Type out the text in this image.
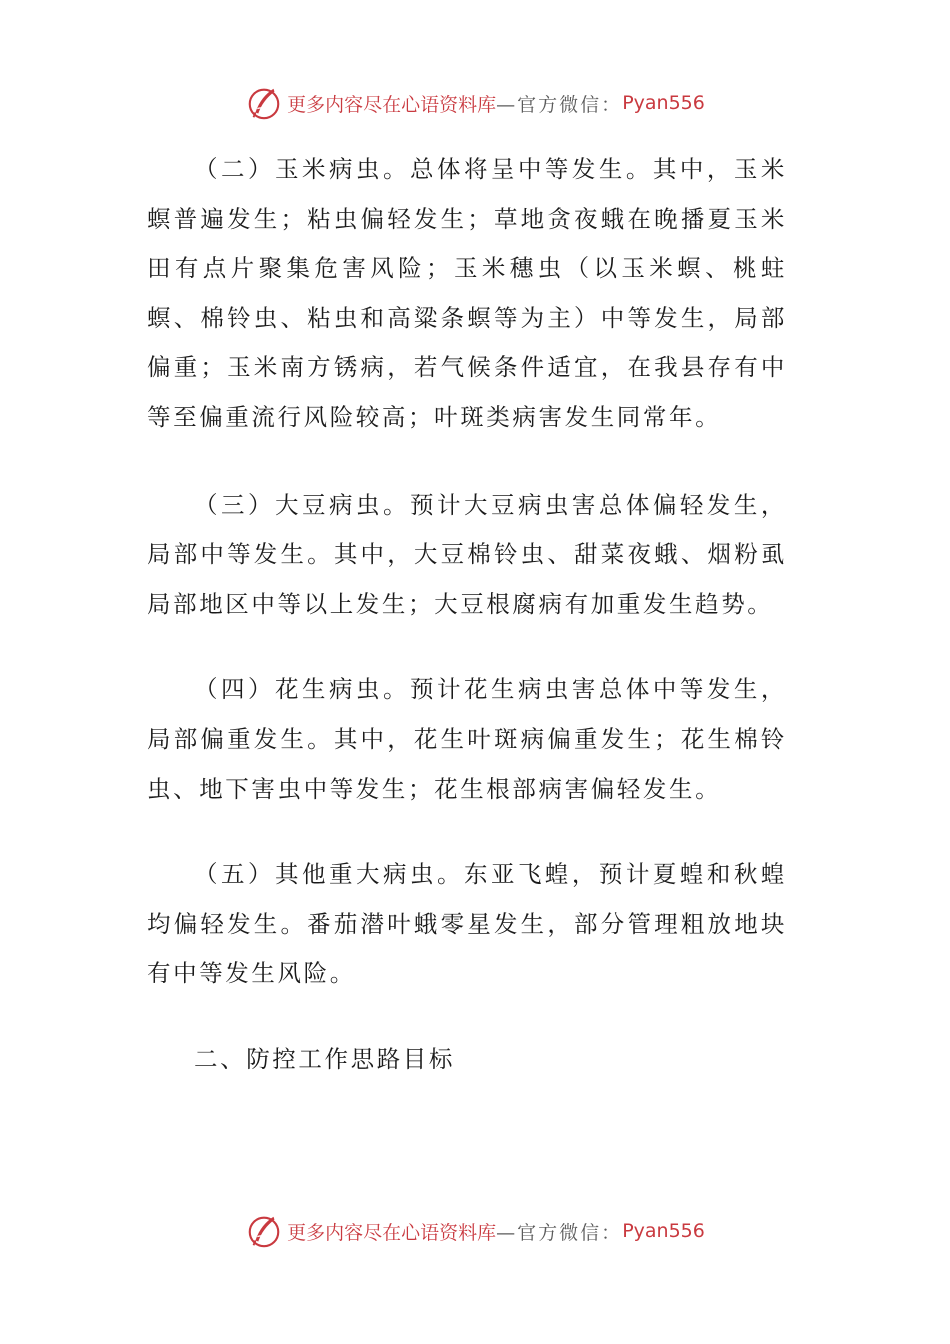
更多内容尽在心语资料库 —官方微信： Pyan556

（二）玉米病虫。总体将呈中等发生。其中，玉米螟普遍发生；粘虫偏轻发生；草地贪夜蛾在晚播夏玉米田有点片聚集危害风险；玉米穗虫（以玉米螟、桃蛀螟、棉铃虫、粘虫和高粱条螟等为主）中等发生，局部偏重；玉米南方锈病，若气候条件适宜，在我县存有中等至偏重流行风险较高；叶斑类病害发生同常年。

（三）大豆病虫。预计大豆病虫害总体偏轻发生，局部中等发生。其中，大豆棉铃虫、甜菜夜蛾、烟粉虱局部地区中等以上发生；大豆根腐病有加重发生趋势。

（四）花生病虫。预计花生病虫害总体中等发生，局部偏重发生。其中，花生叶斑病偏重发生；花生棉铃虫、地下害虫中等发生；花生根部病害偏轻发生。

（五）其他重大病虫。东亚飞蝗，预计夏蝗和秋蝗均偏轻发生。番茄潜叶蛾零星发生，部分管理粗放地块有中等发生风险。

二、防控工作思路目标

更多内容尽在心语资料库 —官方微信： Pyan556
